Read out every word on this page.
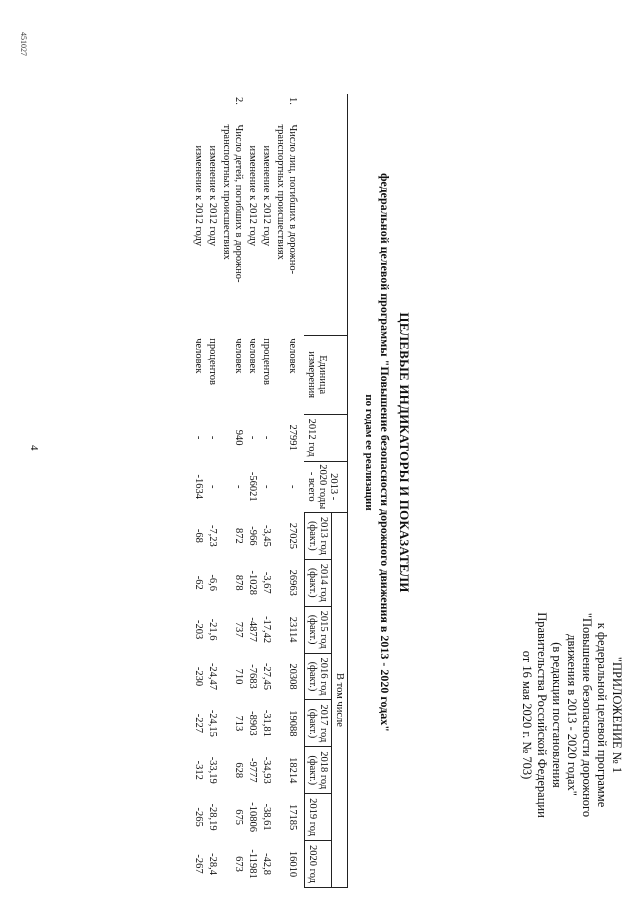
4
451027
"ПРИЛОЖЕНИЕ № 1
к федеральной целевой программе
"Повышение безопасности дорожного
движения в 2013 - 2020 годах"
(в редакции постановления
Правительства Российской Федерации
от 16 мая 2020 г. № 703)
ЦЕЛЕВЫЕ ИНДИКАТОРЫ И ПОКАЗАТЕЛИ
федеральной целевой программы "Повышение безопасности дорожного движения в 2013 - 2020 годах"
по годам ее реализации
		Единица измерения	2012 год	2013 - 2020 годы - всего	В том числе							
					2013 год (факт.)	2014 год (факт.)	2015 год (факт.)	2016 год (факт.)	2017 год (факт.)	2018 год (факт.)	2019 год	2020 год
1.	Число лиц, погибших в дорожно-транспортных происшествиях	человек	27991	-	27025	26963	23114	20308	19088	18214	17185	16010
	изменение к 2012 году	процентов	-	-	-3,45	-3,67	-17,42	-27,45	-31,81	-34,93	-38,61	-42,8
	изменение к 2012 году	человек	-	-56021	-966	-1028	-4877	-7683	-8903	-9777	-10806	-11981
2.	Число детей, погибших в дорожно-транспортных происшествиях	человек	940	-	872	878	737	710	713	628	675	673
	изменение к 2012 году	процентов	-	-	-7,23	-6,6	-21,6	-24,47	-24,15	-33,19	-28,19	-28,4
	изменение к 2012 году	человек	-	-1634	-68	-62	-203	-230	-227	-312	-265	-267
